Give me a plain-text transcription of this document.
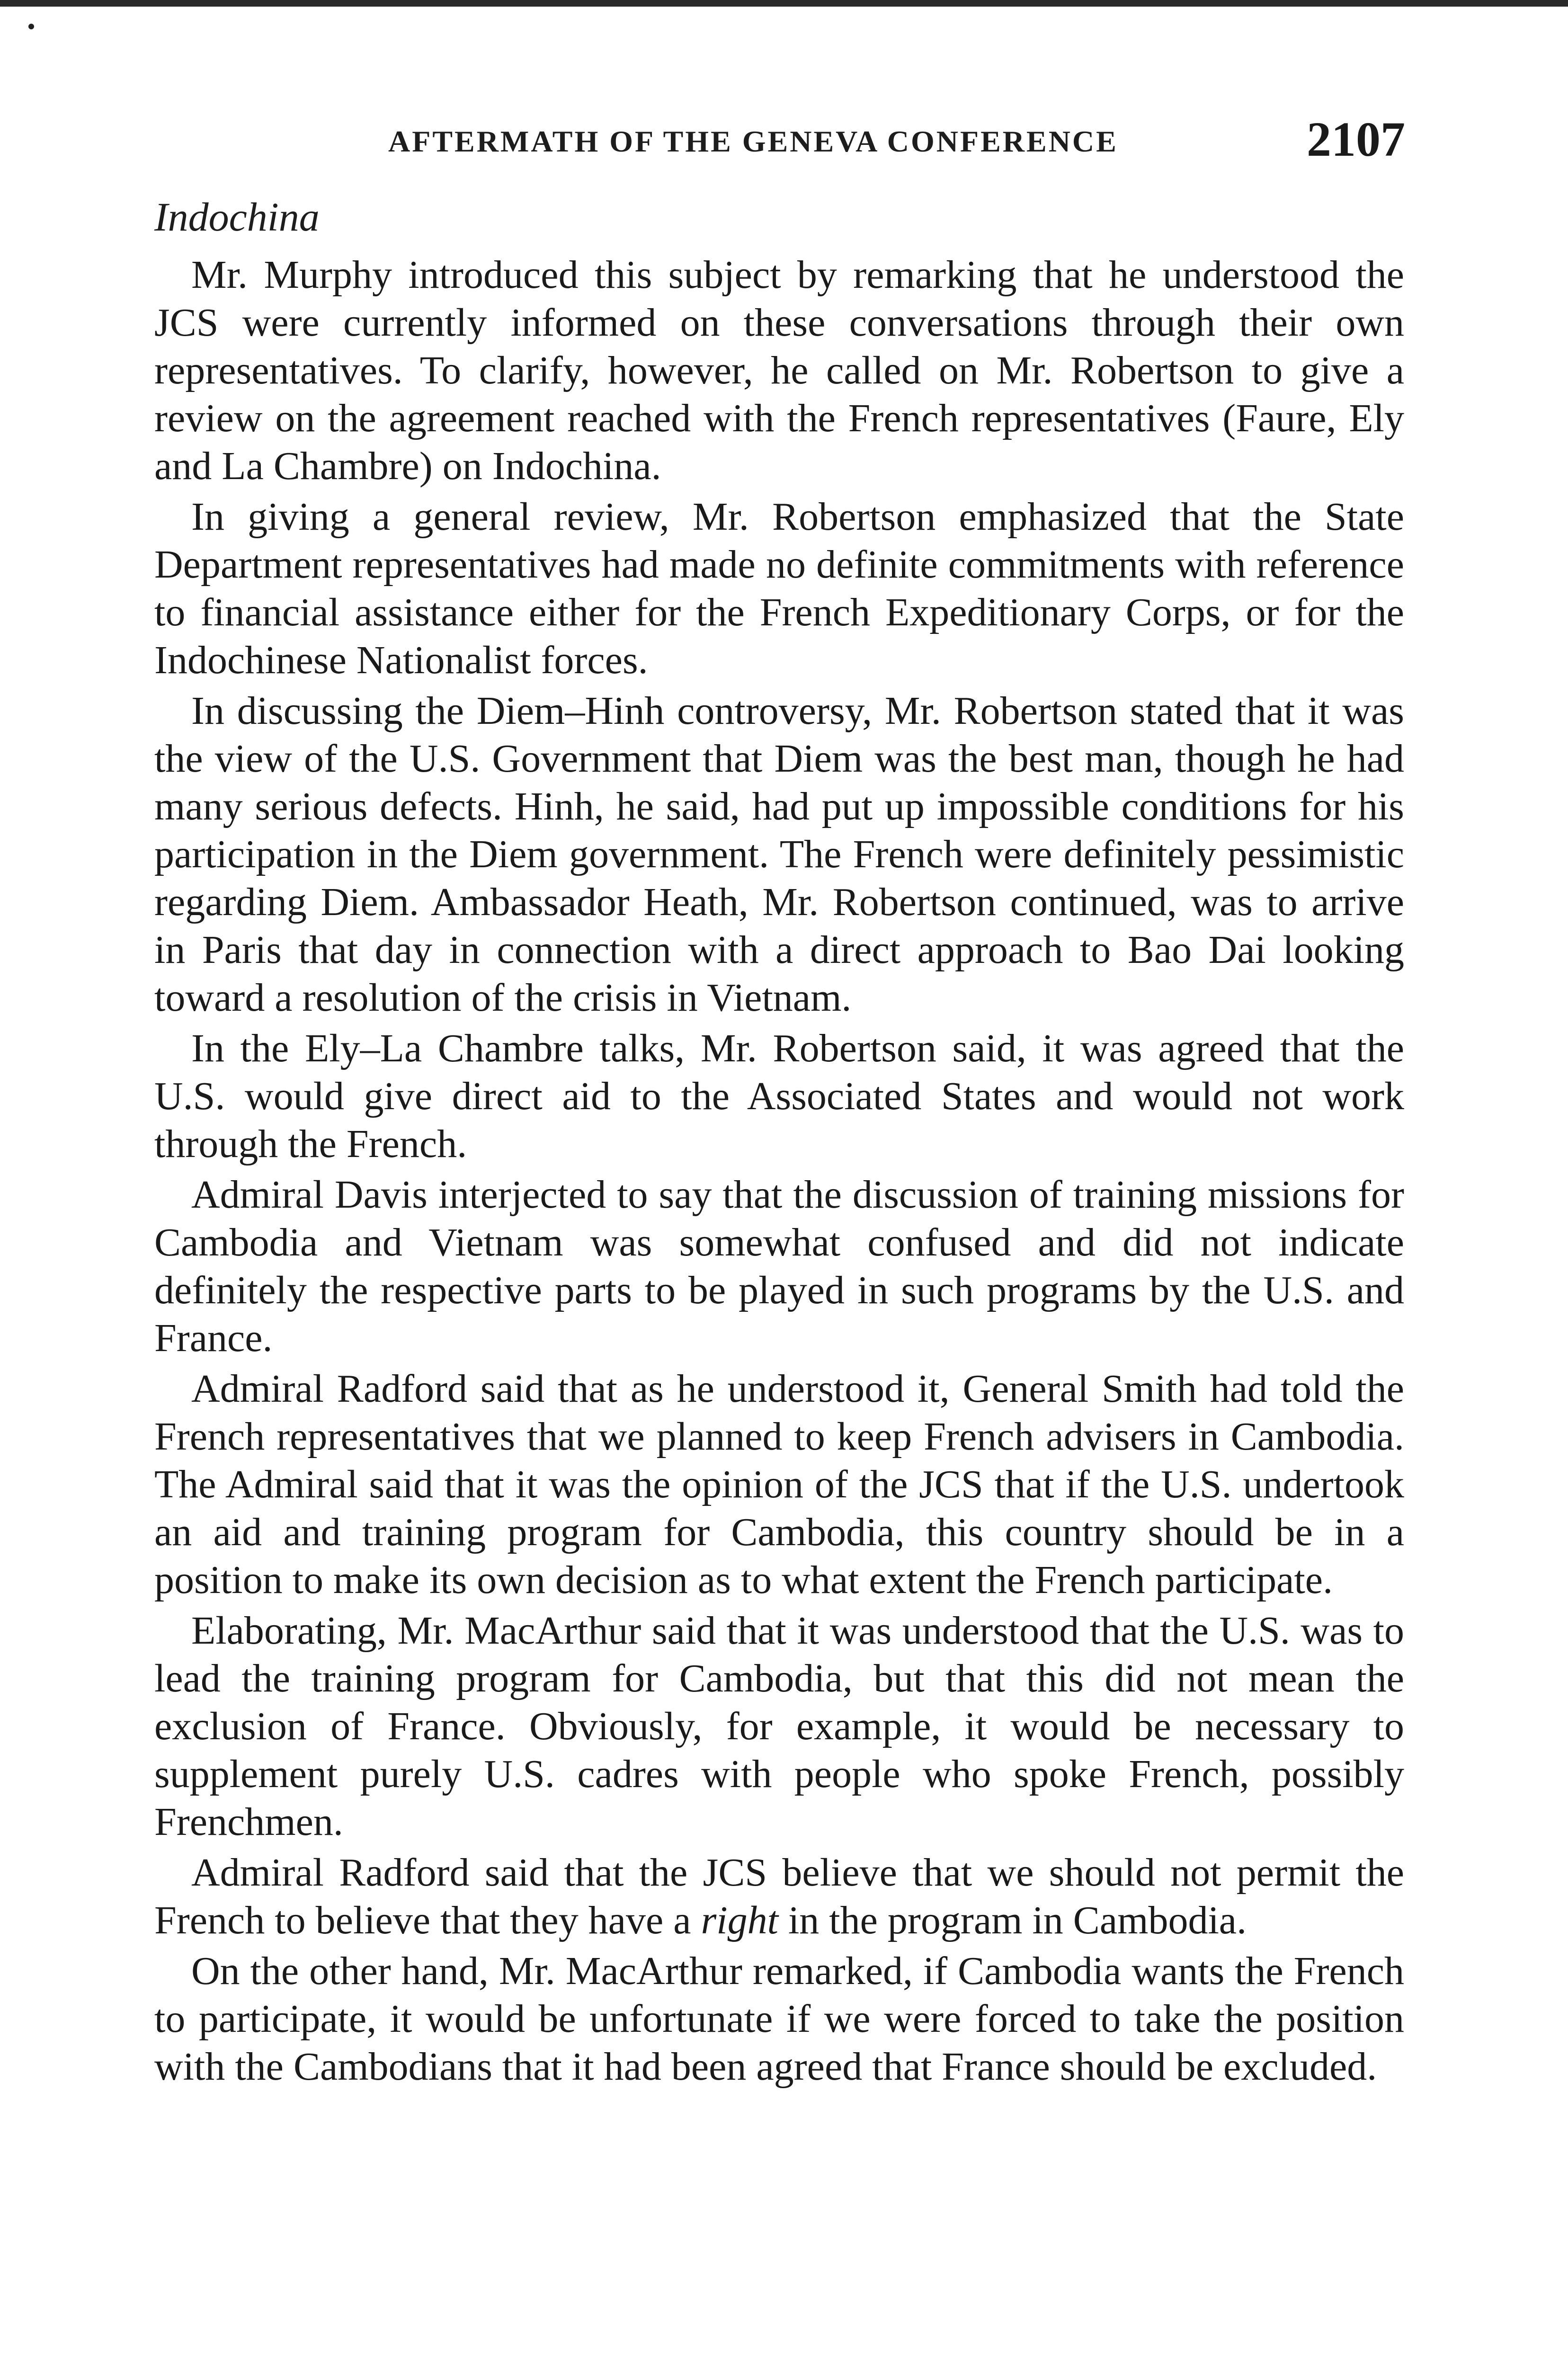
AFTERMATH OF THE GENEVA CONFERENCE	2107
Indochina

Mr. Murphy introduced this subject by remarking that he understood the JCS were currently informed on these conversations through their own representatives. To clarify, however, he called on Mr. Robertson to give a review on the agreement reached with the French representatives (Faure, Ely and La Chambre) on Indochina.

In giving a general review, Mr. Robertson emphasized that the State Department representatives had made no definite commitments with reference to financial assistance either for the French Expeditionary Corps, or for the Indochinese Nationalist forces.

In discussing the Diem–Hinh controversy, Mr. Robertson stated that it was the view of the U.S. Government that Diem was the best man, though he had many serious defects. Hinh, he said, had put up impossible conditions for his participation in the Diem government. The French were definitely pessimistic regarding Diem. Ambassador Heath, Mr. Robertson continued, was to arrive in Paris that day in connection with a direct approach to Bao Dai looking toward a resolution of the crisis in Vietnam.

In the Ely–La Chambre talks, Mr. Robertson said, it was agreed that the U.S. would give direct aid to the Associated States and would not work through the French.

Admiral Davis interjected to say that the discussion of training missions for Cambodia and Vietnam was somewhat confused and did not indicate definitely the respective parts to be played in such programs by the U.S. and France.

Admiral Radford said that as he understood it, General Smith had told the French representatives that we planned to keep French advisers in Cambodia. The Admiral said that it was the opinion of the JCS that if the U.S. undertook an aid and training program for Cambodia, this country should be in a position to make its own decision as to what extent the French participate.

Elaborating, Mr. MacArthur said that it was understood that the U.S. was to lead the training program for Cambodia, but that this did not mean the exclusion of France. Obviously, for example, it would be necessary to supplement purely U.S. cadres with people who spoke French, possibly Frenchmen.

Admiral Radford said that the JCS believe that we should not permit the French to believe that they have a right in the program in Cambodia.

On the other hand, Mr. MacArthur remarked, if Cambodia wants the French to participate, it would be unfortunate if we were forced to take the position with the Cambodians that it had been agreed that France should be excluded.
